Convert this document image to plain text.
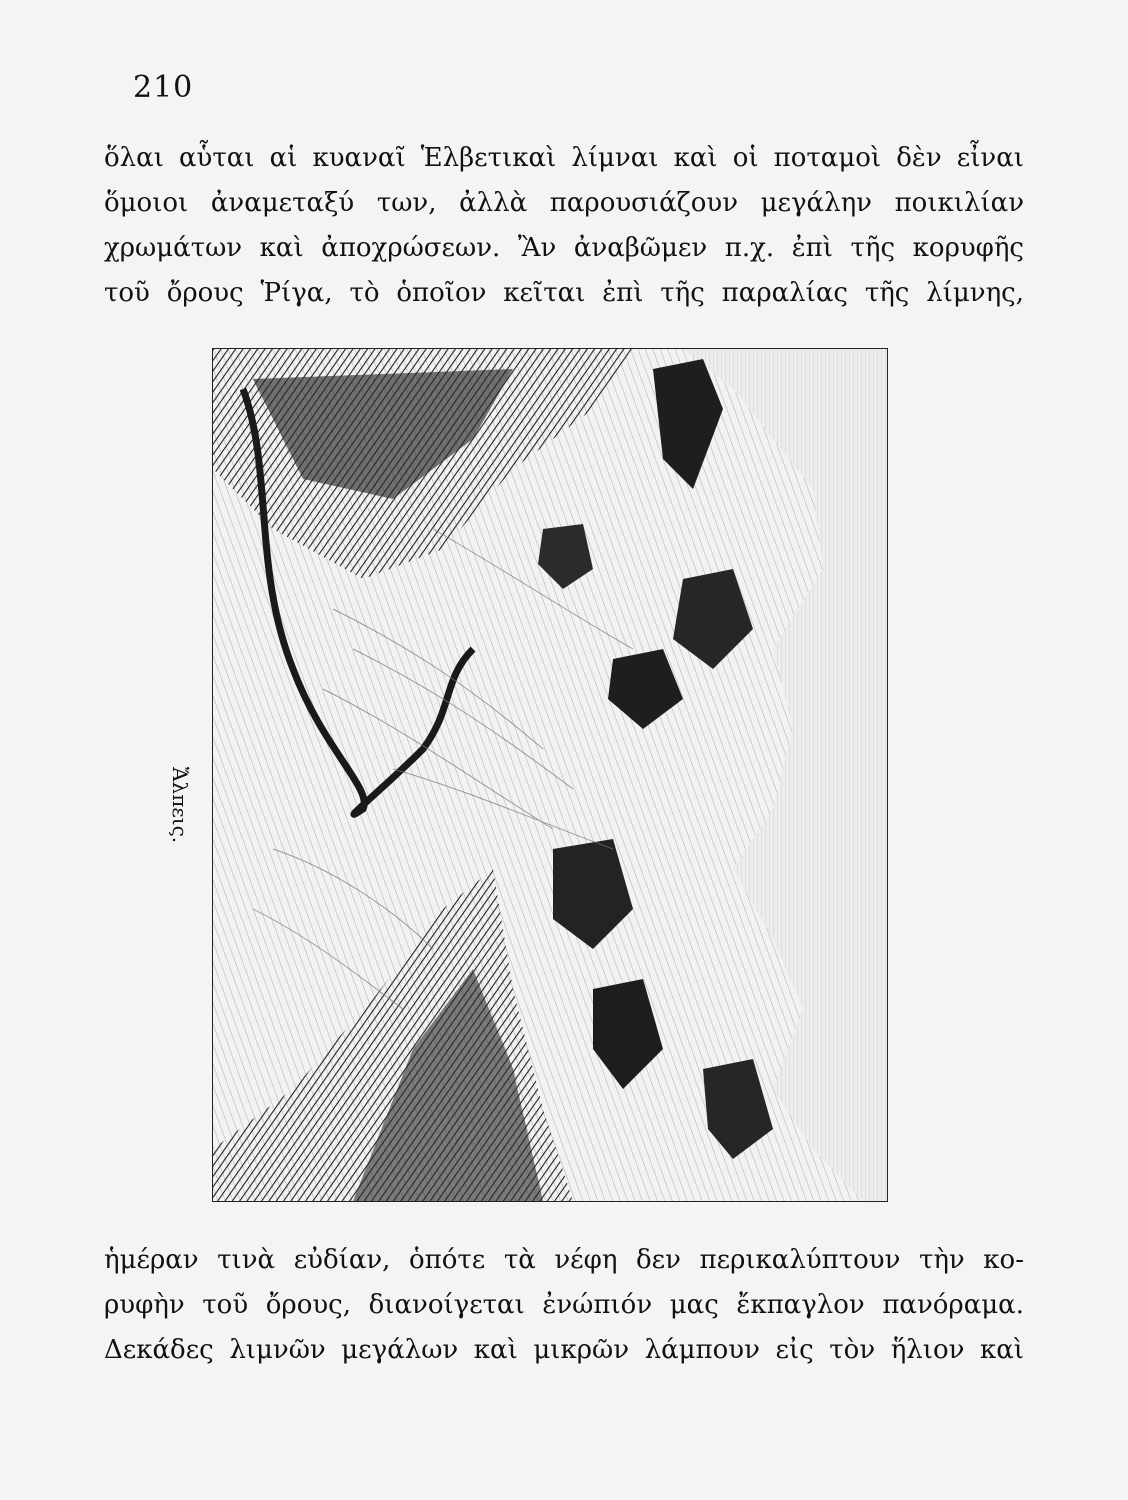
210
ὅλαι αὗται αἱ κυαναῖ Ἑλβετικαὶ λίμναι καὶ οἱ ποταμοὶ δὲν εἶναι
ὅμοιοι ἀναμεταξύ των, ἀλλὰ παρουσιάζουν μεγάλην ποικιλίαν
χρωμάτων καὶ ἀποχρώσεων. Ἂν ἀναβῶμεν π.χ. ἐπὶ τῆς κορυφῆς
τοῦ ὄρους Ῥίγα, τὸ ὁποῖον κεῖται ἐπὶ τῆς παραλίας τῆς λίμνης,
Ἄλπεις.
ἡμέραν τινὰ εὐδίαν, ὁπότε τὰ νέφη δεν περικαλύπτουν τὴν κο-
ρυφὴν τοῦ ὄρους, διανοίγεται ἐνώπιόν μας ἔκπαγλον πανόραμα.
Δεκάδες λιμνῶν μεγάλων καὶ μικρῶν λάμπουν εἰς τὸν ἥλιον καὶ
